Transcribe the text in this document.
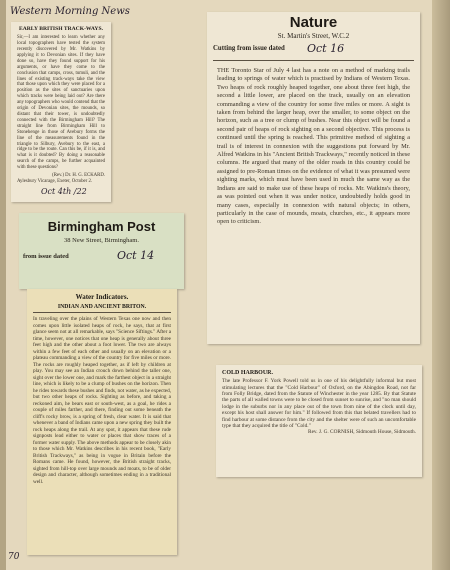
Western Morning News
EARLY BRITISH TRACK-WAYS.
Sir,—I am interested to learn whether any local topographers have tested the system recently discovered by Mr. Watkins by applying it to Devonian sites. If they have done so, have they found support for his arguments, or have they come to the conclusion that camps, cross, tumuli, and the lines of existing track-ways take the view that those upon which they were placed for a position as the sites of sanctuaries upon which tracks were being laid out? Are there any topographers who would contend that the origin of Devonian sites, the mounds, so distant that their tower, is undoubtedly connected with the Birmingham Hill? The straight line from Birmingham Hill to Stonehenge in those of Avebury forms the line of the measurements found in the triangle to Silbury, Avebury to the east, a ridge to be the route. Can this be, if it is, and what is it doubted? By doing a reasonable search of the camps, be further acquainted with these questions?
(Rev.) Dr. H. G. ECKARD.
Aylesbury Vicarage, Exeter, October 2.
Oct 4th /22
Nature
St. Martin's Street, W.C.2
Cutting from issue dated Oct 16
THE Toronto Star of July 4 last has a note on a method of marking trails leading to springs of water which is practised by Indians of Western Texas. Two heaps of rock roughly heaped together, one about three feet high, the second a little lower, are placed on the track, usually on an elevation commanding a view of the country for some five miles or more. A sight is taken from behind the larger heap, over the smaller, to some object on the horizon, such as a tree or clump of bushes. Near this object will be found a second pair of heaps of rock sighting on a second objective. This process is continued until the spring is reached. This primitive method of sighting a trail is of interest in connexion with the suggestions put forward by Mr. Alfred Watkins in his "Ancient British Trackways," recently noticed in these columns. He argued that many of the older roads in this country could be assigned to pre-Roman times on the evidence of what it was presumed were sighting marks, which must have been used in much the same way as the Indians are said to make use of these heaps of rocks. Mr. Watkins's theory, as was pointed out when it was under notice, undoubtedly holds good in many cases, especially in connexion with natural objects; in others, particularly in the case of mounds, moats, churches, etc., it appears more open to criticism.
Birmingham Post
38 New Street, Birmingham.
from issue dated	Oct 14
Water Indicators.
INDIAN AND ANCIENT BRITON.
In traveling over the plains of Western Texas one now and then comes upon little isolated heaps of rock, he says, that at first glance seem not at all remarkable, says "Science Siftings." After a time, however, one notices that one heap is generally about three feet high and the other about a foot lower. The two are always within a few feet of each other and usually on an elevation or a plateau commanding a view of the country for five miles or more. The rocks are roughly heaped together, as if left by children at play. You may see an Indian crouch down behind the taller one, sight over the lower one, and mark the farthest object in a straight line, which is likely to be a clump of bushes on the horizon. Then he rides towards these bushes and finds, not water, as he expected, but two other heaps of rocks. Sighting as before, and taking a reckoned aim, he bears east or south-west, as a goal, he rides a couple of miles farther, and there, finding out some beneath the cliff's rocky brow, is a spring of fresh, clear water. It is said that whenever a band of Indians came upon a new spring they built the rock heaps along the trail. At any spot, it appears that these rude signposts lead either to water or places that show traces of a former water supply. The above methods appear to be closely akin to those which Mr. Watkins describes in his recent book, "Early British Trackways," as being in vogue in Britain before the Romans came. He found, however, the British straight tracks, sighted from hill-top over large mounds and moats, to be of older design and character, although sometimes ending in a traditional well.
COLD HARBOUR.
The late Professor F. York Powell told us in one of his delightfully informal but most stimulating lectures that the "Cold Harbour" of Oxford, on the Abingdon Road, not far from Folly Bridge, dated from the Statute of Winchester in the year 1285. By that Statute the parts of all walled towns were to be closed from sunset to sunrise, and "no man should lodge in the suburbs nor in any place out of the town from nine of the clock until day, except his host shall answer for him." If followed from this that belated travellers had to find harbour at some distance from the city and the shelter were of such an uncomfortable type that they acquired the title of "Cold."
Rev. J. G. CORNISH, Sidmouth House, Sidmouth.
70
